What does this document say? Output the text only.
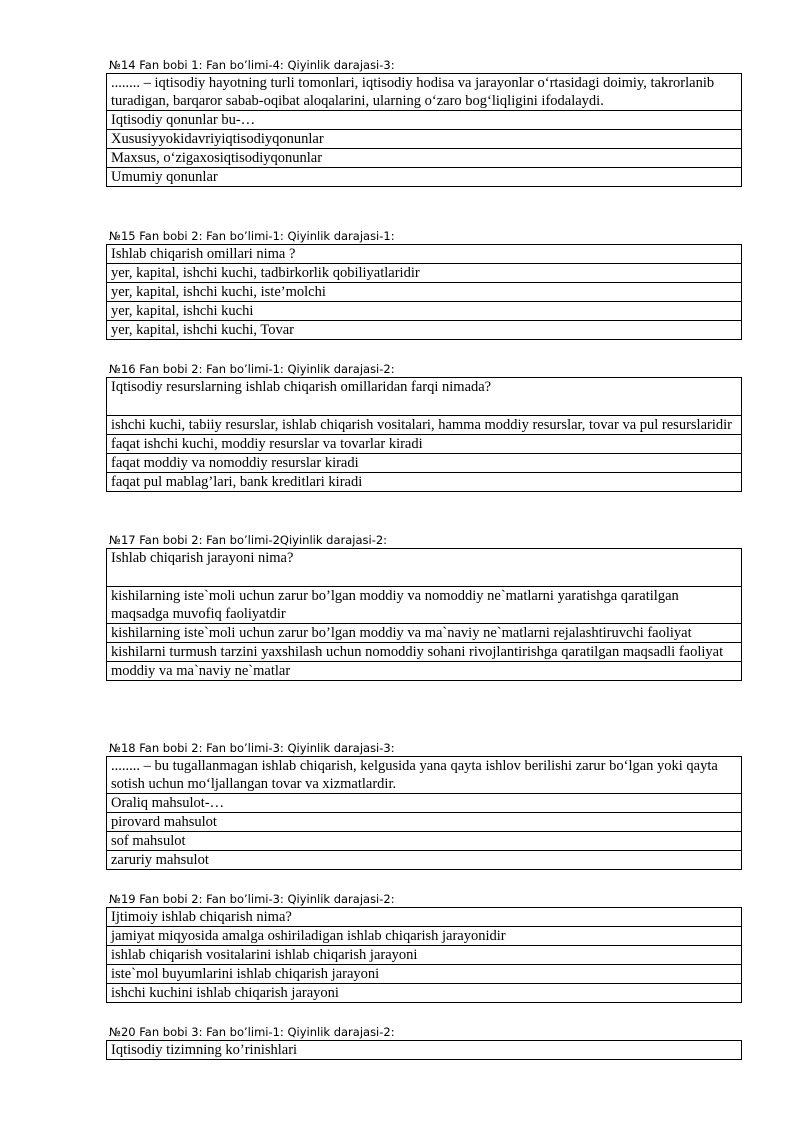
№14 Fan bobi 1: Fan bo’limi-4: Qiyinlik darajasi-3:
........ – iqtisodiy hayotning turli tomonlari, iqtisodiy hodisa va jarayonlar o‘rtasidagi doimiy, takrorlanib turadigan, barqaror sabab-oqibat aloqalarini, ularning o‘zaro bog‘liqligini ifodalaydi.
Iqtisodiy qonunlar bu-…
Xususiyyokidavriyiqtisodiyqonunlar
Maxsus, o‘zigaxosiqtisodiyqonunlar
Umumiy qonunlar
№15 Fan bobi 2: Fan bo’limi-1: Qiyinlik darajasi-1:
Ishlab chiqarish omillari nima ?
yer, kapital, ishchi kuchi, tadbirkorlik qobiliyatlaridir
yer, kapital, ishchi kuchi, iste’molchi
yer, kapital, ishchi kuchi
yer, kapital, ishchi kuchi, Tovar
№16 Fan bobi 2: Fan bo’limi-1: Qiyinlik darajasi-2:
Iqtisodiy resurslarning ishlab chiqarish omillaridan farqi nimada?
ishchi kuchi, tabiiy resurslar, ishlab chiqarish vositalari, hamma moddiy resurslar, tovar va pul resurslaridir
faqat ishchi kuchi, moddiy resurslar va tovarlar kiradi
faqat moddiy va nomoddiy resurslar kiradi
faqat pul mablag’lari, bank kreditlari kiradi
№17 Fan bobi 2: Fan bo’limi-2Qiyinlik darajasi-2:
Ishlab chiqarish jarayoni nima?
kishilarning iste`moli uchun zarur bo’lgan moddiy va nomoddiy ne`matlarni yaratishga qaratilgan maqsadga muvofiq faoliyatdir
kishilarning iste`moli uchun zarur bo’lgan moddiy va ma`naviy ne`matlarni rejalashtiruvchi faoliyat
kishilarni turmush tarzini yaxshilash uchun nomoddiy sohani rivojlantirishga qaratilgan maqsadli faoliyat
moddiy va ma`naviy ne`matlar
№18 Fan bobi 2: Fan bo’limi-3: Qiyinlik darajasi-3:
........ – bu tugallanmagan ishlab chiqarish, kelgusida yana qayta ishlov berilishi zarur bo‘lgan yoki qayta sotish uchun mo‘ljallangan tovar va xizmatlardir.
Oraliq mahsulot-…
pirovard mahsulot
sof mahsulot
zaruriy mahsulot
№19 Fan bobi 2: Fan bo’limi-3: Qiyinlik darajasi-2:
Ijtimoiy ishlab chiqarish nima?
jamiyat miqyosida amalga oshiriladigan ishlab chiqarish jarayonidir
ishlab chiqarish vositalarini ishlab chiqarish jarayoni
iste`mol buyumlarini ishlab chiqarish jarayoni
ishchi kuchini ishlab chiqarish jarayoni
№20 Fan bobi 3: Fan bo’limi-1: Qiyinlik darajasi-2:
Iqtisodiy tizimning ko’rinishlari
